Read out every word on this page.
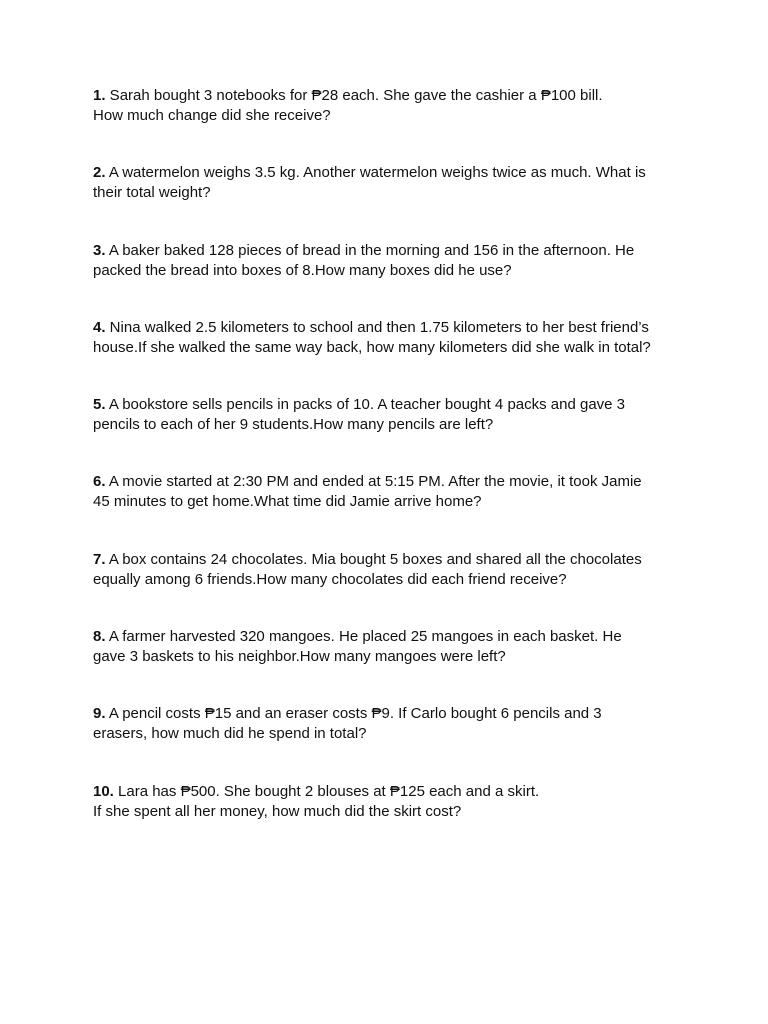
1. Sarah bought 3 notebooks for ₱28 each. She gave the cashier a ₱100 bill.
How much change did she receive?

2. A watermelon weighs 3.5 kg. Another watermelon weighs twice as much. What is
their total weight?

3. A baker baked 128 pieces of bread in the morning and 156 in the afternoon. He
packed the bread into boxes of 8.How many boxes did he use?

4. Nina walked 2.5 kilometers to school and then 1.75 kilometers to her best friend’s
house.If she walked the same way back, how many kilometers did she walk in total?

5. A bookstore sells pencils in packs of 10. A teacher bought 4 packs and gave 3
pencils to each of her 9 students.How many pencils are left?

6. A movie started at 2:30 PM and ended at 5:15 PM. After the movie, it took Jamie
45 minutes to get home.What time did Jamie arrive home?

7. A box contains 24 chocolates. Mia bought 5 boxes and shared all the chocolates
equally among 6 friends.How many chocolates did each friend receive?

8. A farmer harvested 320 mangoes. He placed 25 mangoes in each basket. He
gave 3 baskets to his neighbor.How many mangoes were left?

9. A pencil costs ₱15 and an eraser costs ₱9. If Carlo bought 6 pencils and 3
erasers, how much did he spend in total?

10. Lara has ₱500. She bought 2 blouses at ₱125 each and a skirt.
If she spent all her money, how much did the skirt cost?
